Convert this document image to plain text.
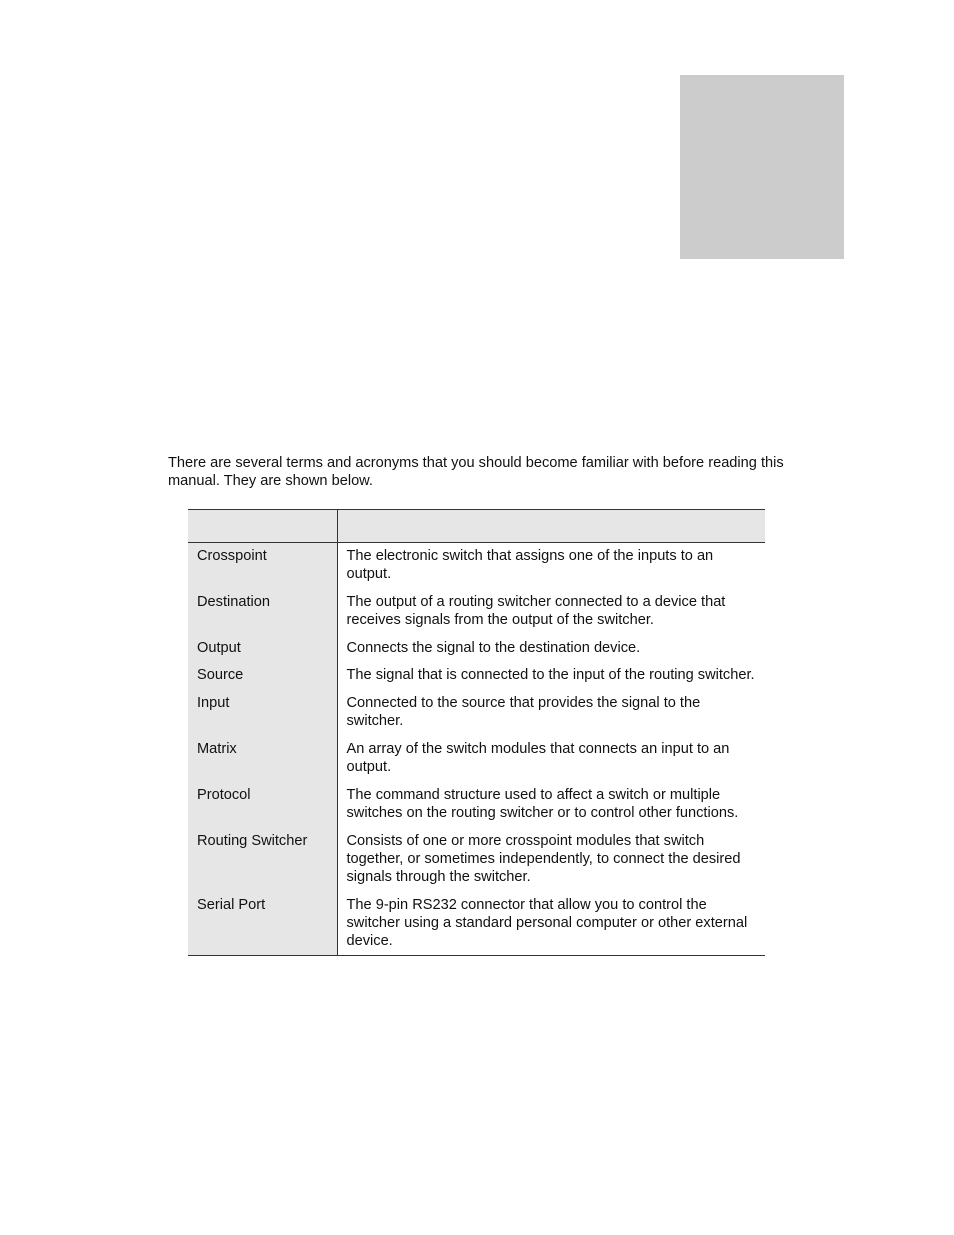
There are several terms and acronyms that you should become familiar with before reading this manual. They are shown below.

Crosspoint	The electronic switch that assigns one of the inputs to an output.
Destination	The output of a routing switcher connected to a device that receives signals from the output of the switcher.
Output	Connects the signal to the destination device.
Source	The signal that is connected to the input of the routing switcher.
Input	Connected to the source that provides the signal to the switcher.
Matrix	An array of the switch modules that connects an input to an output.
Protocol	The command structure used to affect a switch or multiple switches on the routing switcher or to control other functions.
Routing Switcher	Consists of one or more crosspoint modules that switch together, or sometimes independently, to connect the desired signals through the switcher.
Serial Port	The 9-pin RS232 connector that allow you to control the switcher using a standard personal computer or other external device.
